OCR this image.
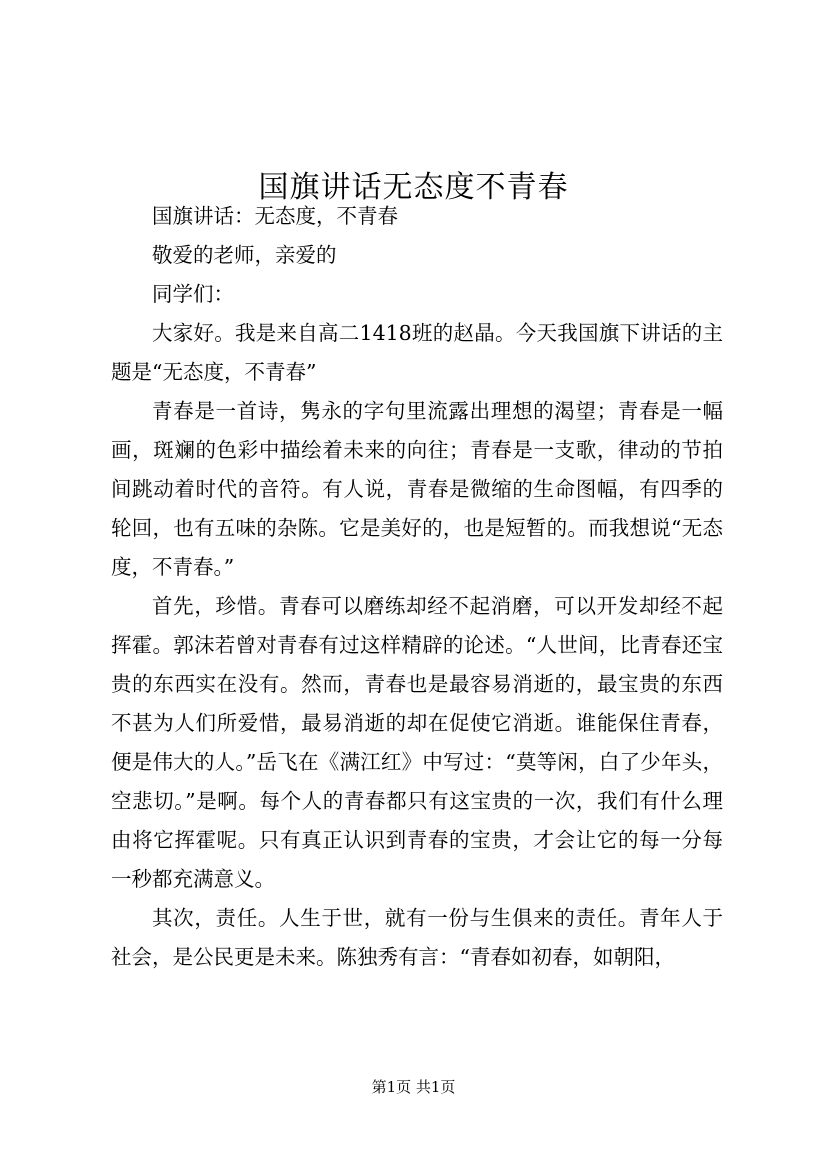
国旗讲话无态度不青春

国旗讲话：无态度，不青春

敬爱的老师，亲爱的

同学们：

大家好。我是来自高二1418班的赵晶。今天我国旗下讲话的主题是“无态度，不青春”

青春是一首诗，隽永的字句里流露出理想的渴望；青春是一幅画，斑斓的色彩中描绘着未来的向往；青春是一支歌，律动的节拍间跳动着时代的音符。有人说，青春是微缩的生命图幅，有四季的轮回，也有五味的杂陈。它是美好的，也是短暂的。而我想说“无态度，不青春。”

首先，珍惜。青春可以磨练却经不起消磨，可以开发却经不起挥霍。郭沫若曾对青春有过这样精辟的论述。“人世间，比青春还宝贵的东西实在没有。然而，青春也是最容易消逝的，最宝贵的东西不甚为人们所爱惜，最易消逝的却在促使它消逝。谁能保住青春，便是伟大的人。”岳飞在《满江红》中写过：“莫等闲，白了少年头，空悲切。”是啊。每个人的青春都只有这宝贵的一次，我们有什么理由将它挥霍呢。只有真正认识到青春的宝贵，才会让它的每一分每一秒都充满意义。

其次，责任。人生于世，就有一份与生俱来的责任。青年人于社会，是公民更是未来。陈独秀有言：“青春如初春，如朝阳，

第1页 共1页
